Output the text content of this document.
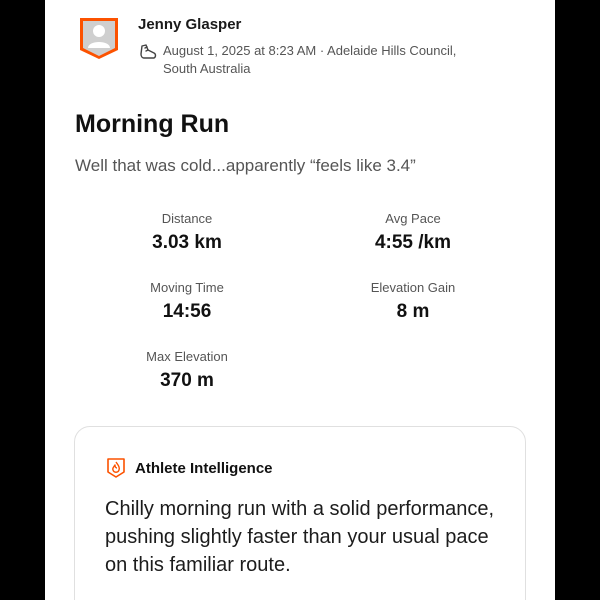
Jenny Glasper
August 1, 2025 at 8:23 AM · Adelaide Hills Council, South Australia
Morning Run
Well that was cold...apparently “feels like 3.4”
Distance
3.03 km
Avg Pace
4:55 /km
Moving Time
14:56
Elevation Gain
8 m
Max Elevation
370 m
Athlete Intelligence
Chilly morning run with a solid performance, pushing slightly faster than your usual pace on this familiar route.
